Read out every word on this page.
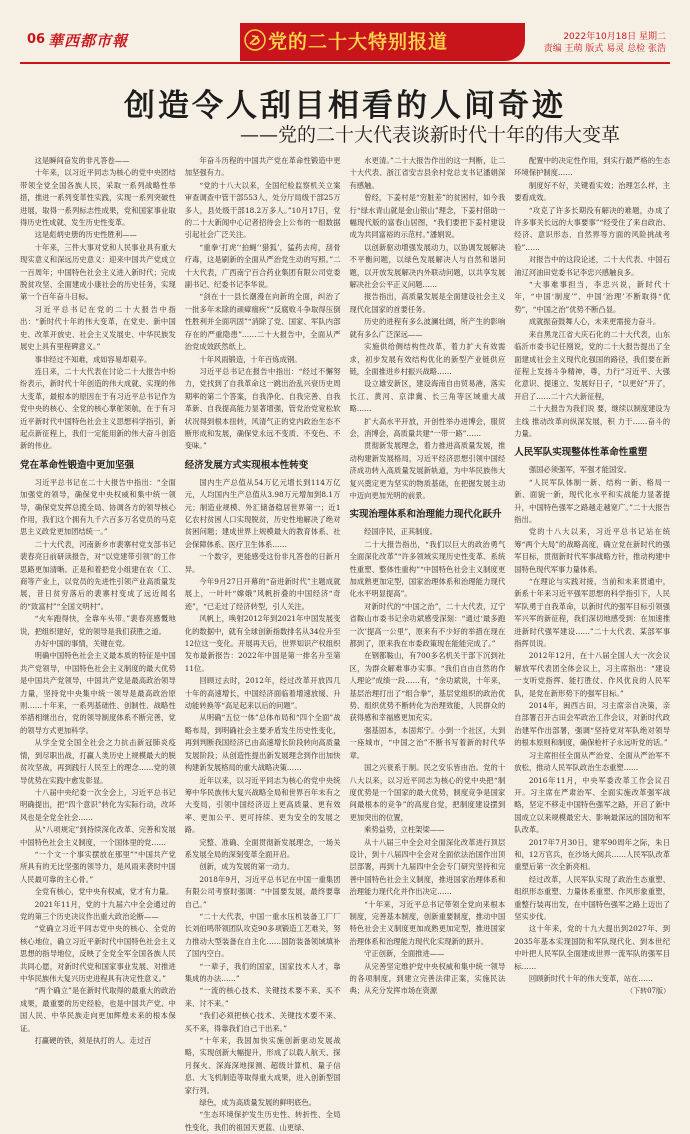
06 華西都市報	党的二十大特别报道	2022年10月18日 星期二
责编 王萌 版式 易灵 总检 张浩
创造令人刮目相看的人间奇迹
——党的二十大代表谈新时代十年的伟大变革

这是瞬间奋发的非凡答卷——

十年来，以习近平同志为核心的党中央团结带领全党全国各族人民，采取一系列战略性举措，推进一系列变革性实践，实现一系列突破性进展，取得一系列标志性成果，党和国家事业取得历史性成就、发生历史性变革。

这是彪炳史册的历史性胜利——

十年来，三件大事对党和人民事业具有重大现实意义和深远历史意义：迎来中国共产党成立一百周年；中国特色社会主义进入新时代；完成脱贫攻坚、全面建成小康社会的历史任务，实现第一个百年奋斗目标。

习近平总书记在党的二十大报告中指出：“新时代十年的伟大变革，在党史、新中国史、改革开放史、社会主义发展史、中华民族发展史上具有里程碑意义。”

事非经过不知难，成如容易却艰辛。

连日来，二十大代表在讨论二十大报告中纷纷表示，新时代十年创造的伟大成就、实现的伟大变革，最根本的原因在于有习近平总书记作为党中央的核心、全党的核心掌舵领航，在于有习近平新时代中国特色社会主义思想科学指引，新起点新征程上，我们一定能用新的伟大奋斗创造新的伟业。

党在革命性锻造中更加坚强

习近平总书记在二十大报告中指出：“全面加强党的领导，确保党中央权威和集中统一领导，确保党发挥总揽全局、协调各方的领导核心作用，我们这个拥有九千六百多万名党员的马克思主义政党更加团结统一。”

二十大代表，河南新乡市裴寨村党支部书记裴春亮日前研读报告，对“以党建带引领”的工作思路更加清晰。正是和着把党小组建在农（工、商等产业上，以党员的先进性引领产业高质量发展，昔日贫穷落后的裴寨村变成了远近闻名的“致富村”“全国文明村”。

“火车跑得快，全靠车头带。”裴春亮感慨地说，把组织建好，党的领导是我们获胜之道。

办好中国的事情，关键在党。

明确中国特色社会主义最本质的特征是中国共产党领导，中国特色社会主义制度的最大优势是中国共产党领导，中国共产党是最高政治领导力量，坚持党中央集中统一领导是最高政治原则……十年来，一系列基础性、创制性、战略性举措相继出台，党的领导制度体系不断完善，党的领导方式更加科学。

从学全党全国全社会之力抗击新冠肺炎疫情，到尽职出战，打赢人类历史上规模最大的脱贫攻坚战，再到践行人民至上的理念……党的领导优势在实践中愈发彰显。

十八届中央纪委一次全会上，习近平总书记明确提出，把“四个意识”转化为实际行动，改坏风也是全党全社会……

从“八项规定”到持续深化改革、完善和发展中国特色社会主义制度，一个国体里的党……

“一个文一个事实摆放在那里”“中国共产党所具有的无比坚强的领导力，是风雨来袭时中国人民最可靠的主心骨。”

全党有核心，党中央有权威，党才有力量。

2021年11月，党的十九届六中全会通过的党的第三个历史决议作出重大政治论断——

“党确立习近平同志党中央的核心、全党的核心地位，确立习近平新时代中国特色社会主义思想的指导地位，反映了全党全军全国各族人民共同心愿，对新时代党和国家事业发展、对推进中华民族伟大复兴历史进程具有决定性意义。”

“两个确立”是在新时代取得的最重大的政治成果，最重要的历史经验，也是中国共产党、中国人民、中华民族走向更加辉煌未来的根本保证。

打赢硬的铁，须是执打的人。走过百

年奋斗历程的中国共产党在革命性锻造中更加坚强有力。

“党的十八大以来，全国纪检监察机关立案审查调查中管干部553人，处分厅局级干部25万多人，县处级干部18.2万多人。”10月17日，党的二十大新闻中心记者招待会上公布的一组数据引起社会广泛关注。

“重拳‘打虎’‘拍蝇’‘猎狐’，猛药去疴，刮骨疗毒，这是刷新的全面从严治党生动的写照。”二十大代表，广西南宁百合药业集团有限公司党委副书记、纪委书记李华说。

“剑在十一县长潮漫在向新的全面，纠治了一批多年未除的顽瘴痼疾”“反腐败斗争取得压倒性胜利并全面巩固”“消除了党、国家、军队内部存在的严重隐患”……二十大报告中，全面从严治党成效跃然纸上。

十年风雨锻造，十年百炼成钢。

习近平总书记在报告中指出：“经过不懈努力，党找到了自我革命这一跳出治乱兴衰历史周期率的第二个答案，自我净化、自我完善、自我革新、自我提高能力显著增强，管党治党宽松软状况得到根本扭转，风清气正的党内政治生态不断形成和发展，确保党永远不变质、不变色、不变味。”

经济发展方式实现根本性转变

国内生产总值从54万亿元增长到114万亿元，人均国内生产总值从3.98万元增加到8.1万元；制造业规模、外汇储备稳居世界第一；近1亿农村贫困人口实现脱贫，历史性地解决了绝对贫困问题；建成世界上规模最大的教育体系、社会保障体系、医疗卫生体系……

一个数字，更能感受这份非凡答卷的日新月异。

今年9月27日开幕的“奋进新时代”主题成就展上，一叶叶“嫦娥”风帆折叠的中国经济“奇迹”，“已走过了经济转型，引人关注。

风帆上，唤射2012年到2021年中国发展变化的数据中，就有全球创新指数排名从34位升至12位这一变化。开展再天后，世界知识产权组织发布最新报告：2022年中国是第一排名升至第11位。

回顾过去时，2012年，经过改革开放四几十年的高速增长，中国经济面临着增速放缓、升动能转换等“高足起来以后的问题”。

从明确“五位一体”总体布局和“四个全面”战略布局，到明确社会主要矛盾发生历史性变化，再到判断我国经济已由高速增长阶段转向高质量发展阶段；从创造性提出新发展理念到作出加快构建新发展格局的重大战略决策……

近年以来，以习近平同志为核心的党中央统筹中华民族伟大复兴战略全局和世界百年未有之大变局，引领中国经济迈上更高质量、更有效率、更加公平、更可持续、更为安全的发展之路。

完整、准确、全面贯彻新发展理念，一场关系发展全局的深刻变革全面开启。

创新，成为发展的第一动力。

2018年9月，习近平总书记在中国一重集团有限公司考察时强调：“中国要发展，最终要靠自己。”

“二十大代表，中国一重水压机装备工厂厂长刘伯鸣带领团队攻克90多项锻造工艺难关，努力推动大型装备在自主化……国防装备领域填补了国内空白。

“一辈子，我们的国家，国家技术人才，靠集成的办法……”

“一流的核心技术、关键技术要不来、买不来、讨不来。”

“我们必须把核心技术、关键技术要不来、买不来，得靠我们自己干出来。”

“十年来，我国加快实施创新驱动发展战略，实现创新大幅提升，形成了以载人航天、探月探火、深海深地探测、超级计算机、量子信息、大飞机制造等取得重大成果，进入创新型国家行列。

绿色，成为高质量发展的鲜明底色。

“生态环境保护发生历史性、转折性、全局性变化，我们的祖国天更蓝、山更绿、

水更清。”二十大报告作出的这一判断，让二十大代表、浙江省安吉县余村党总支书记潘娟深有感触。

曾经，下姜村是“穷脏差”的贫困村，如今我行“绿水青山就是金山银山”理念，下姜村借助一幅现代版的富春山居图，“我们要把下姜村建设成为共同富裕的示范村。”潘娟说。

以创新驱动增强发展动力，以协调发展解决不平衡问题，以绿色发展解决人与自然和谐问题，以开放发展解决内外联动问题，以共享发展解决社会公平正义问题……

报告指出，高质量发展是全面建设社会主义现代化国家的首要任务。

历史的进程有多么波澜壮阔，所产生的影响就有多么广泛深远——

实施供给侧结构性改革，着力扩大有效需求，初步发展有效结构优化的新型产业链供应链，全面推进乡村振兴战略……

设立雄安新区，建设海南自由贸易港，落实长江、黄河、京津冀、长三角等区域重大战略……

扩大高水平开放，开创性举办进博会，服贸会，消博会，高质量共建“一带一路”……

贯彻新发展理念，着力推进高质量发展，推动构建新发展格局，习近平经济思想引领中国经济成功转入高质量发展新轨道，为中华民族伟大复兴奠定更为坚实的物质基础，在把握发展主动中迈向更加光明的前景。

实现治理体系和治理能力现代化跃升

经国序民，正其制度。

二十大报告指出，“我们以巨大的政治勇气全面深化改革”“许多领域实现历史性变革、系统性重塑、整体性重构”“中国特色社会主义制度更加成熟更加定型，国家治理体系和治理能力现代化水平明显提高”。

对新时代的“中国之治”，二十大代表，辽宁省鞍山市委书记余功斌感受深刻：“通过‘最多跑一次’提高一公里”，原来有不少好的举措在现在都到了，原来我在市委政策现在能能完成了。”

在钢都鞍山，有700多名机关干部下沉到社区，为群众解难事办实事。“我们自由自然的作人理论”成绩一段……有，“余功斌说，十年来，基层治理打出了“组合拳”，基层党组织的政治优势、组织优势不断转化为治理效能，人民群众的获得感和幸福感更加充实。

强基固本，本固邦宁。小到一个社区，大到一座城市，“中国之治”不断书写着新的时代华章。

国之兴衰系于制。民之安乐皆由治。党的十八大以来，以习近平同志为核心的党中央把“制度优势是一个国家的最大优势，制度竞争是国家间最根本的竞争”的高度自觉，把制度建设摆到更加突出的位置，

乘势益势，立柱架梁——

从十八届三中全会对全面深化改革进行顶层设计，到十八届四中全会对全面依法治国作出顶层部署，再到十九届四中全会专门研究坚持和完善中国特色社会主义制度，推进国家治理体系和治理能力现代化并作出决定……

“十年来，习近平总书记带领全党向来根本制度，完善基本制度，创新重要制度，推动中国特色社会主义制度更加成熟更加定型，推进国家治理体系和治理能力现代化实现新的跃升。

守正创新，全面推进——

从完善坚定维护党中央权威和集中统一领导的各项制度，到建立完善法律正案，实施民法典；从充分发挥市场在资源

配置中的决定性作用，到实行最严格的生态环境保护制度……

制度好不好，关键看实效；治理怎么样，主要看成效。

“攻克了许多长期没有解决的难题，办成了许多事关长远的大事要事”“经受住了来自政治、经济、意识形态、自然界等方面的风险挑战考验”……

对报告中的这段论述，二十大代表、中国石油辽河油田党委书记李忠兴感触良多。

“大事难事担当，李忠兴说，新时代十年，“中国‘制度’”、中国‘治理’不断取得“优势”，“中国之治”优势不断凸显。

成就振奋鼓舞人心，未来更需接力奋斗。

来自黑龙江省大庆石化的二十大代表，山东临沂市委书记任刚说，党的二十大报告提出了全面建成社会主义现代化强国的路径，我们要在新征程上发扬斗争精神，尊，力行“习近平、大强化意识、提速立、发展好日子，“以更好”开了，开启了……二十六大新征程，

二十大报告为我们说 要，继续以制度建设为主线 推动改革向纵深发展，积 力于……奋斗的力量。

人民军队实现整体性革命性重塑

强国必须强军，军强才能国安。

“人民军队体制一新、结构一新、格局一新、面貌一新，现代化水平和实战能力显著提升，中国特色强军之路越走越宽广。”二十大报告指出。

党的十八大以来，习近平总书记站在统筹“两个大局”的战略高度，确立党在新时代的强军目标，贯彻新时代军事战略方针，推动构建中国特色现代军事力量体系。

“在理论与实践对接，当前和未来贯通中，新系十年来习近平强军思想的科学指引下，人民军队勇于自我革命，以新时代的强军目标引领强军兴军的新征程，我们深切地感受到：在加速推进新时代强军建设……”二十大代表、某部军事指挥员说。

2012年12月，在十八届全国人大一次会议解放军代表团全体会议上，习主席指出：“建设一支听党指挥、能打胜仗、作风优良的人民军队，是党在新形势下的强军目标。”

2014年，闽西古田，习主席亲自决策，亲自部署召开古田会军政治工作会议，对新时代政治建军作出部署，强调“坚持党对军队绝对领导的根本原则和制度，确保枪杆子永远听党的话。”

习主席担任全面从严治党、全面从严治军不放松，推动人民军队政治生态重塑……

2016年11月，中央军委改革工作会议召开。习主席在严肃治军、全面实施改革强军战略，坚定不移走中国特色强军之路，开启了新中国成立以来规模最宏大、影响最深远的国防和军队改革。

2017年7月30日，建军90周年之际，朱日和，12万官兵，在沙场大阅兵……人民军队改革重塑后第一次全新亮相。

经过改革，人民军队实现了政治生态重塑、组织形态重塑、力量体系重塑、作风形象重塑，重整行装再出发，在中国特色强军之路上迈出了坚实步伐。

这十年来，党的十九大提出到2027年、到2035年基本实现国防和军队现代化、到本世纪中叶把人民军队全面建成世界一流军队的强军目标……

回顾新时代十年的伟大变革，站在……

（下转07版）
